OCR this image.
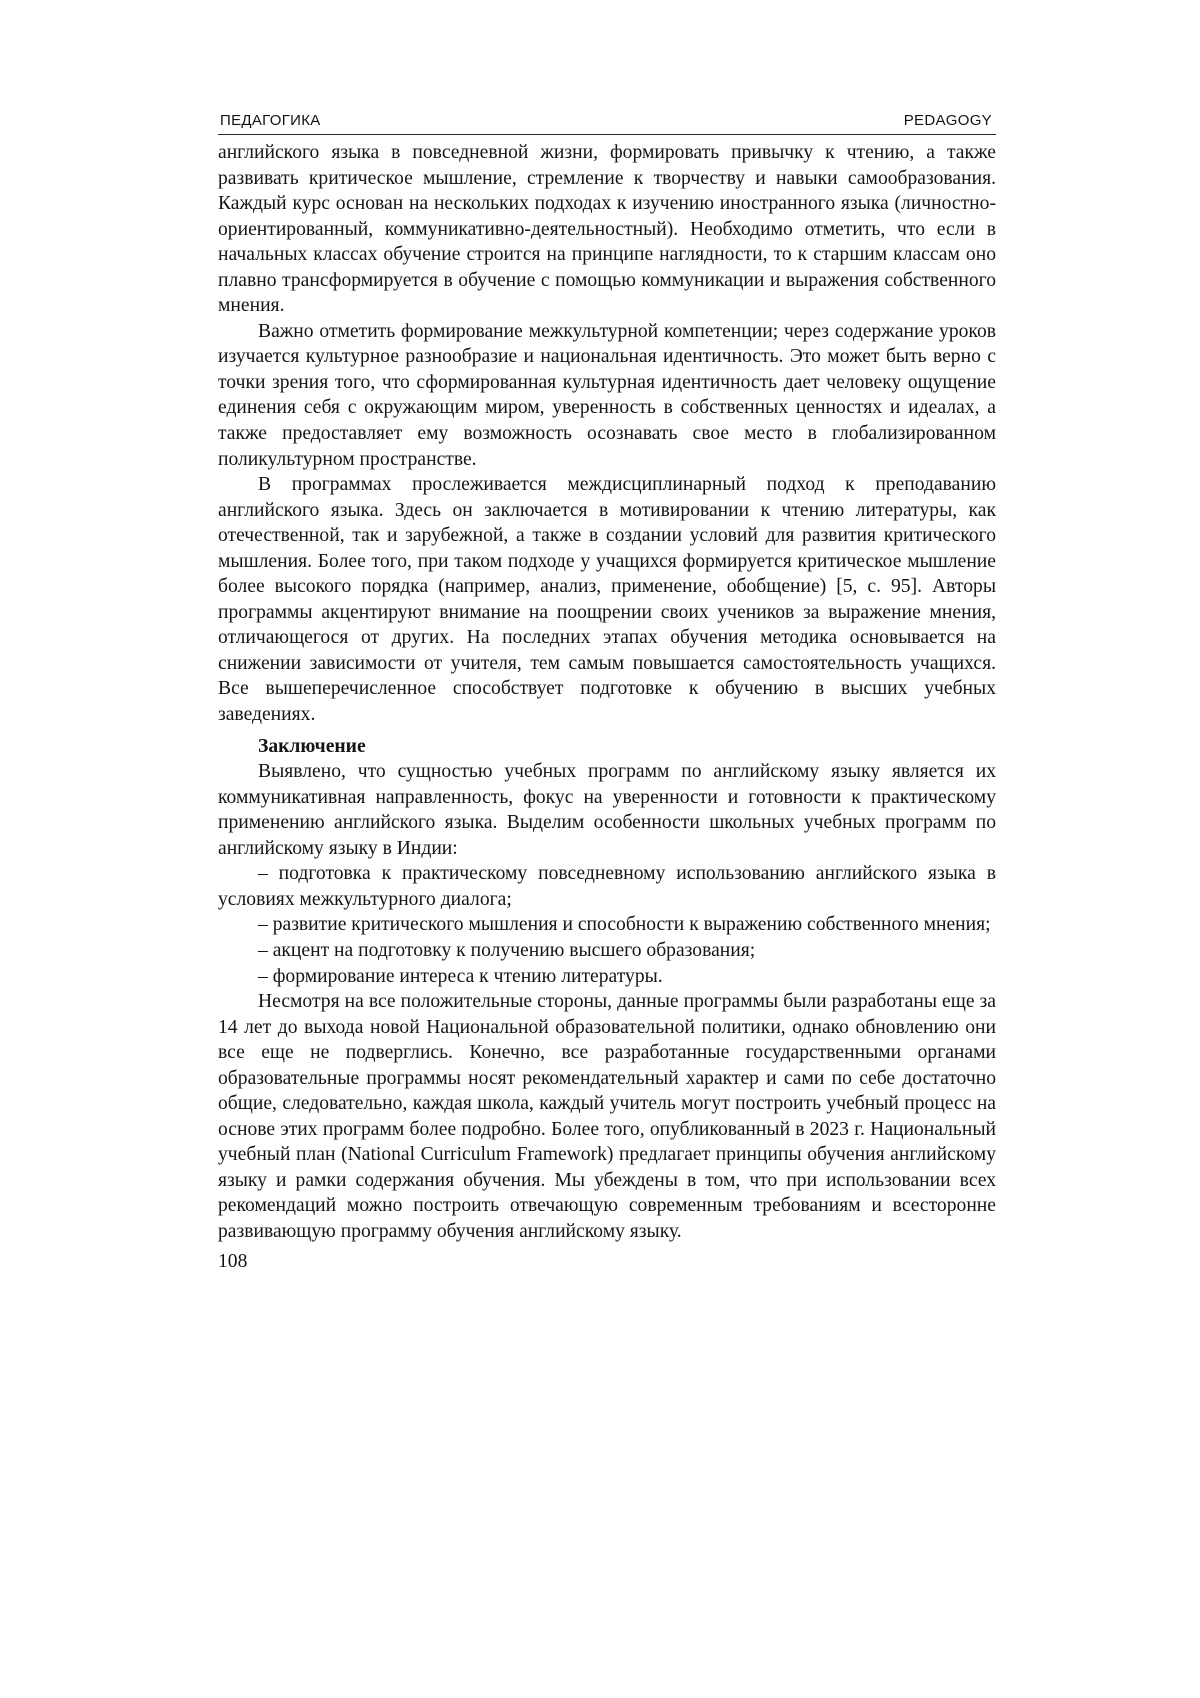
ПЕДАГОГИКА	PEDAGOGY

английского языка в повседневной жизни, формировать привычку к чтению, а также развивать критическое мышление, стремление к творчеству и навыки самообразования. Каждый курс основан на нескольких подходах к изучению иностранного языка (личностно-ориентированный, коммуникативно-деятельностный). Необходимо отметить, что если в начальных классах обучение строится на принципе наглядности, то к старшим классам оно плавно трансформируется в обучение с помощью коммуникации и выражения собственного мнения.

Важно отметить формирование межкультурной компетенции; через содержание уроков изучается культурное разнообразие и национальная идентичность. Это может быть верно с точки зрения того, что сформированная культурная идентичность дает человеку ощущение единения себя с окружающим миром, уверенность в собственных ценностях и идеалах, а также предоставляет ему возможность осознавать свое место в глобализированном поликультурном пространстве.

В программах прослеживается междисциплинарный подход к преподаванию английского языка. Здесь он заключается в мотивировании к чтению литературы, как отечественной, так и зарубежной, а также в создании условий для развития критического мышления. Более того, при таком подходе у учащихся формируется критическое мышление более высокого порядка (например, анализ, применение, обобщение) [5, с. 95]. Авторы программы акцентируют внимание на поощрении своих учеников за выражение мнения, отличающегося от других. На последних этапах обучения методика основывается на снижении зависимости от учителя, тем самым повышается самостоятельность учащихся. Все вышеперечисленное способствует подготовке к обучению в высших учебных заведениях.

Заключение

Выявлено, что сущностью учебных программ по английскому языку является их коммуникативная направленность, фокус на уверенности и готовности к практическому применению английского языка. Выделим особенности школьных учебных программ по английскому языку в Индии:

– подготовка к практическому повседневному использованию английского языка в условиях межкультурного диалога;

– развитие критического мышления и способности к выражению собственного мнения;

– акцент на подготовку к получению высшего образования;

– формирование интереса к чтению литературы.

Несмотря на все положительные стороны, данные программы были разработаны еще за 14 лет до выхода новой Национальной образовательной политики, однако обновлению они все еще не подверглись. Конечно, все разработанные государственными органами образовательные программы носят рекомендательный характер и сами по себе достаточно общие, следовательно, каждая школа, каждый учитель могут построить учебный процесс на основе этих программ более подробно. Более того, опубликованный в 2023 г. Национальный учебный план (National Curriculum Framework) предлагает принципы обучения английскому языку и рамки содержания обучения. Мы убеждены в том, что при использовании всех рекомендаций можно построить отвечающую современным требованиям и всесторонне развивающую программу обучения английскому языку.

108
